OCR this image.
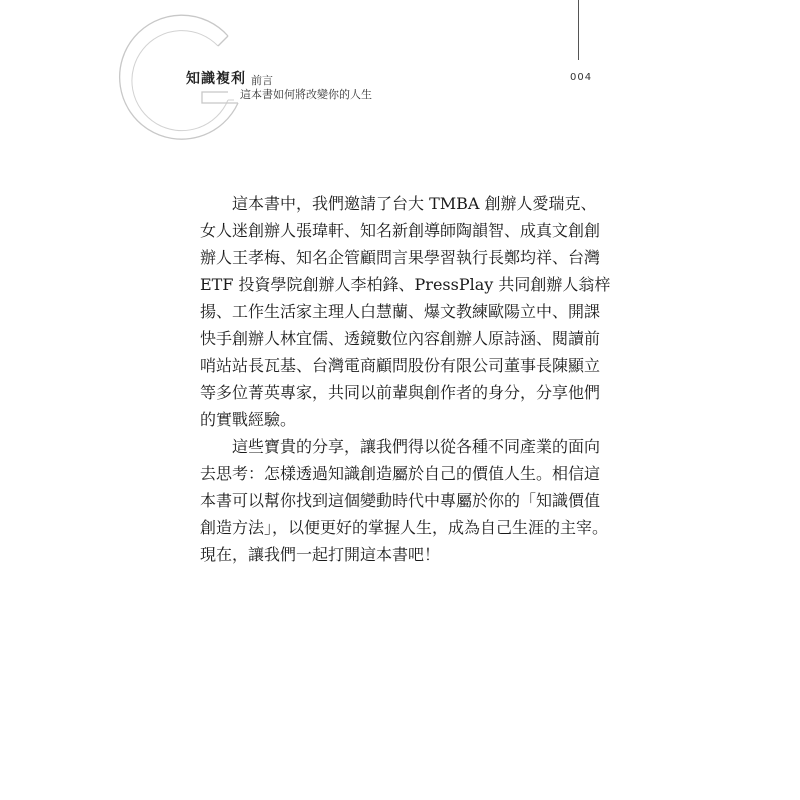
知識複利 前言
這本書如何將改變你的人生
004
這本書中，我們邀請了台大 TMBA 創辦人愛瑞克、
女人迷創辦人張瑋軒、知名新創導師陶韻智、成真文創創
辦人王孝梅、知名企管顧問言果學習執行長鄭均祥、台灣
ETF 投資學院創辦人李柏鋒、PressPlay 共同創辦人翁梓
揚、工作生活家主理人白慧蘭、爆文教練歐陽立中、開課
快手創辦人林宜儒、透鏡數位內容創辦人原詩涵、閱讀前
哨站站長瓦基、台灣電商顧問股份有限公司董事長陳顯立
等多位菁英專家，共同以前輩與創作者的身分，分享他們
的實戰經驗。
這些寶貴的分享，讓我們得以從各種不同產業的面向
去思考：怎樣透過知識創造屬於自己的價值人生。相信這
本書可以幫你找到這個變動時代中專屬於你的「知識價值
創造方法」，以便更好的掌握人生，成為自己生涯的主宰。
現在，讓我們一起打開這本書吧！
